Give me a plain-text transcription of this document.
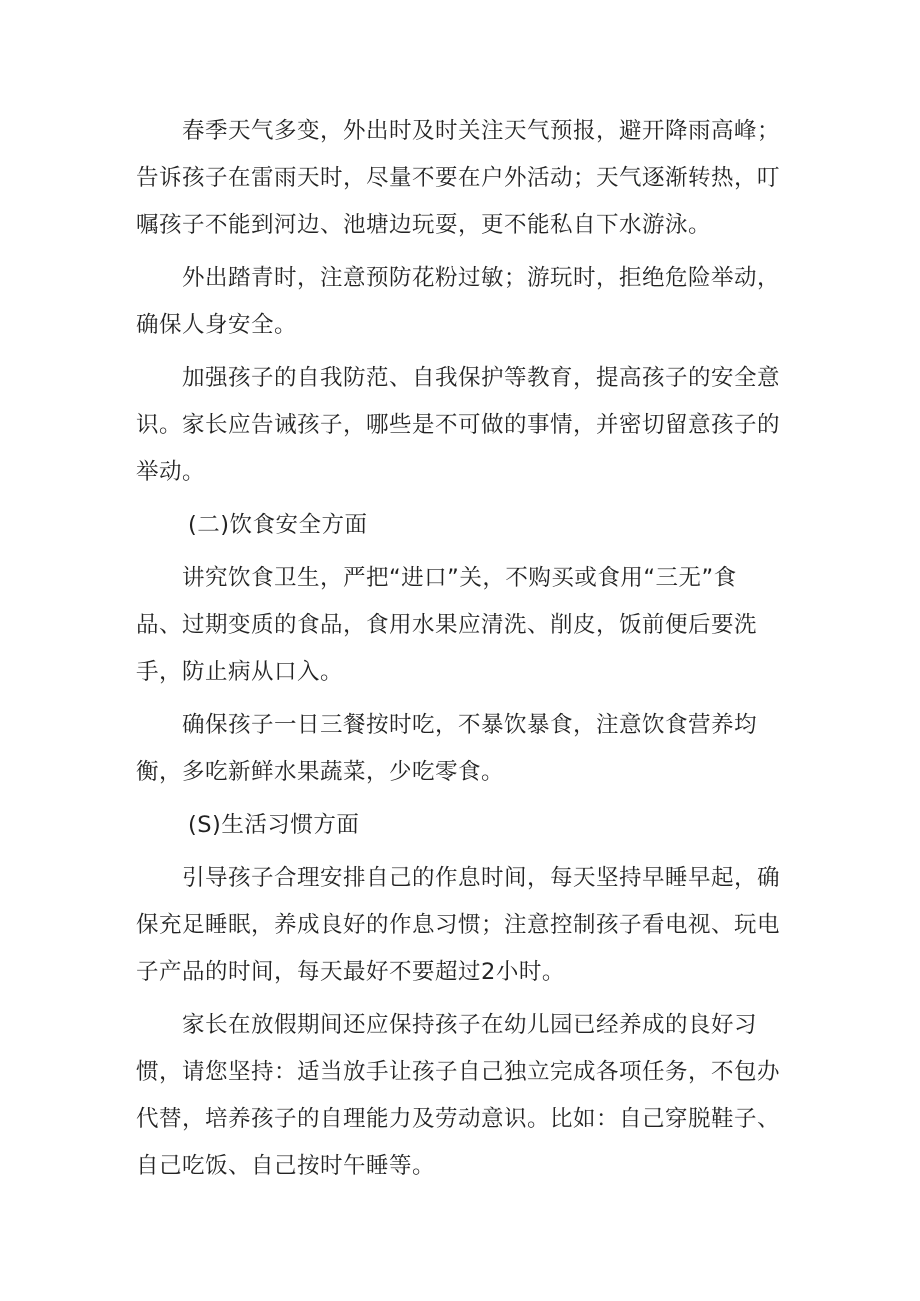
春季天气多变，外出时及时关注天气预报，避开降雨高峰；
告诉孩子在雷雨天时，尽量不要在户外活动；天气逐渐转热，叮
嘱孩子不能到河边、池塘边玩耍，更不能私自下水游泳。

外出踏青时，注意预防花粉过敏；游玩时，拒绝危险举动，
确保人身安全。

加强孩子的自我防范、自我保护等教育，提高孩子的安全意
识。家长应告诫孩子，哪些是不可做的事情，并密切留意孩子的
举动。

(二)饮食安全方面

讲究饮食卫生，严把“进口”关，不购买或食用“三无”食
品、过期变质的食品，食用水果应清洗、削皮，饭前便后要洗
手，防止病从口入。

确保孩子一日三餐按时吃，不暴饮暴食，注意饮食营养均
衡，多吃新鲜水果蔬菜，少吃零食。

(S)生活习惯方面

引导孩子合理安排自己的作息时间，每天坚持早睡早起，确
保充足睡眠，养成良好的作息习惯；注意控制孩子看电视、玩电
子产品的时间，每天最好不要超过2小时。

家长在放假期间还应保持孩子在幼儿园已经养成的良好习
惯，请您坚持：适当放手让孩子自己独立完成各项任务，不包办
代替，培养孩子的自理能力及劳动意识。比如：自己穿脱鞋子、
自己吃饭、自己按时午睡等。
